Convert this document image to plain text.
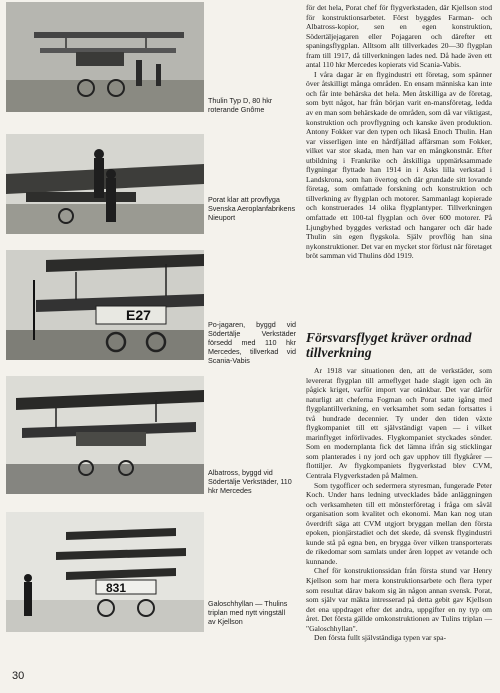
Thulin Typ D, 80 hkr roterande Gnôme
Porat klar att provflyga Svenska Aeroplanfabrikens Nieuport
E27
Po-jagaren, byggd vid Södertälje Verkstäder försedd med 110 hkr Mercedes, tillverkad vid Scania-Vabis
Albatross, byggd vid Södertälje Verkstäder, 110 hkr Mercedes
831
Galoschhyllan — Thulins triplan med nytt vingställ av Kjellson

för det hela, Porat chef för flygverkstaden, där Kjellson stod för konstruktionsarbetet. Först byggdes Farman- och Albatross-kopior, sen en egen konstruktion, Södertäljejagaren eller Pojagaren och därefter ett spaningsflygplan. Alltsom allt tillverkades 20—30 flygplan fram till 1917, då tillverkningen lades ned. Då hade även ett antal 110 hkr Mercedes kopierats vid Scania-Vabis.

I våra dagar är en flygindustri ett företag, som spänner över åtskilligt många områden. En ensam människa kan inte och får inte behärska det hela. Men åtskilliga av de företag, som bytt något, har från början varit en-mansföretag, ledda av en man som behärskade de områden, som då var viktigast, konstruktion och provflygning och kanske även produktion. Antony Fokker var den typen och likaså Enoch Thulin. Han var visserligen inte en hårdfjällad affärsman som Fokker, vilket var stor skada, men han var en mångkonstnär. Efter utbildning i Frankrike och åtskilliga uppmärksammade flygningar flyttade han 1914 in i Asks lilla verkstad i Landskrona, som han övertog och där grundade sitt lovande företag, som omfattade forskning och konstruktion och tillverkning av flygplan och motorer. Sammanlagt kopierade och konstruerades 14 olika flygplantyper. Tillverkningen omfattade ett 100-tal flygplan och över 600 motorer. På Ljungbyhed byggdes verkstad och hangarer och där hade Thulin sin egen flygskola. Själv provflög han sina nykonstruktioner. Det var en mycket stor förlust när företaget bröt samman vid Thulins död 1919.

Försvarsflyget kräver ordnad tillverkning

Ar 1918 var situationen den, att de verkstäder, som levererat flygplan till armeflyget hade slagit igen och än pågick kriget, varför import var otänkbar. Det var därför naturligt att cheferna Fogman och Porat satte igång med flygplantillverkning, en verksamhet som sedan fortsattes i två hundrade decennier. Ty under den tiden växte flygkompaniet till ett självständigt vapen — i vilket marinflyget införlivades. Flygkompaniet styckades sönder. Som en modernplanta fick det lämna ifrån sig sticklingar som planterades i ny jord och gav upphov till flygkårer — flottiljer. Av flygkompaniets flygverkstad blev CVM, Centrala Flygverkstaden på Malmen.

Som tygofficer och sedermera styresman, fungerade Peter Koch. Under hans ledning utvecklades både anläggningen och verksamheten till ett mönsterföretag i fråga om såväl organisation som kvalitet och ekonomi. Man kan nog utan överdrift säga att CVM utgjort bryggan mellan den första epoken, pionjärstadiet och det skede, då svensk flygindustri kunde stå på egna ben, en brygga över vilken transporterats de rikedomar som samlats under åren loppet av vetande och kunnande.

Chef för konstruktionssidan från första stund var Henry Kjellson som har mera konstruktionsarbete och flera typer som resultat därav bakom sig än någon annan svensk. Porat, som själv var mäkta intresserad på detta gebit gav Kjellson det ena uppdraget efter det andra, uppgifter en ny typ om året. Det första gällde omkonstruktionen av Tulins triplan — "Galoschhyllan".

Den första fullt självständiga typen var spa-

30
